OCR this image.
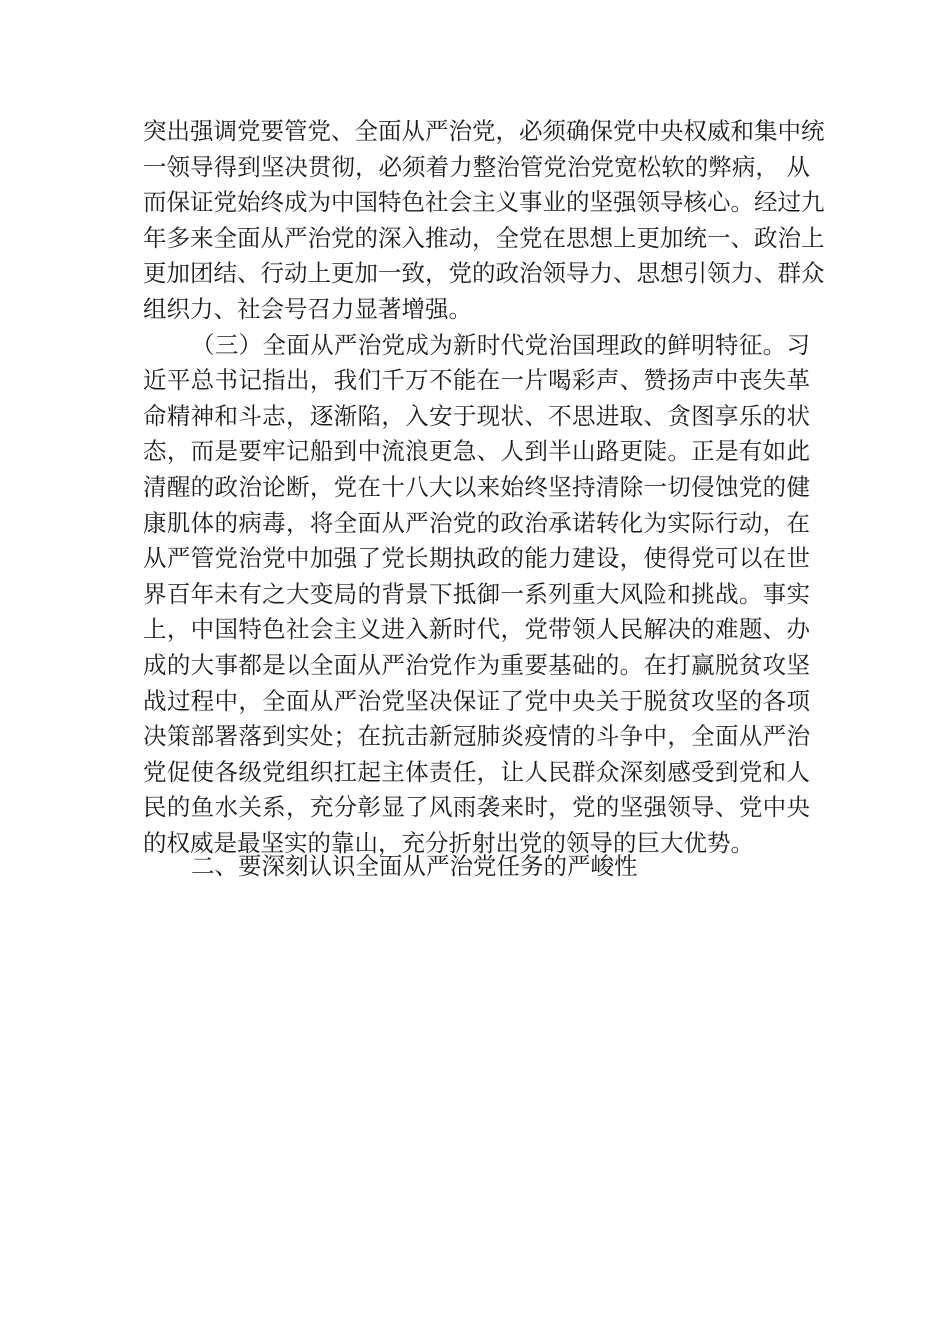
突出强调党要管党、全面从严治党，必须确保党中央权威和集中统
一领导得到坚决贯彻，必须着力整治管党治党宽松软的弊病， 从
而保证党始终成为中国特色社会主义事业的坚强领导核心。经过九
年多来全面从严治党的深入推动，全党在思想上更加统一、政治上
更加团结、行动上更加一致，党的政治领导力、思想引领力、群众
组织力、社会号召力显著增强。
（三）全面从严治党成为新时代党治国理政的鲜明特征。习
近平总书记指出，我们千万不能在一片喝彩声、赞扬声中丧失革
命精神和斗志，逐渐陷，入安于现状、不思进取、贪图享乐的状
态，而是要牢记船到中流浪更急、人到半山路更陡。正是有如此
清醒的政治论断，党在十八大以来始终坚持清除一切侵蚀党的健
康肌体的病毒，将全面从严治党的政治承诺转化为实际行动，在
从严管党治党中加强了党长期执政的能力建设，使得党可以在世
界百年未有之大变局的背景下抵御一系列重大风险和挑战。事实
上，中国特色社会主义进入新时代，党带领人民解决的难题、办
成的大事都是以全面从严治党作为重要基础的。在打赢脱贫攻坚
战过程中，全面从严治党坚决保证了党中央关于脱贫攻坚的各项
决策部署落到实处；在抗击新冠肺炎疫情的斗争中，全面从严治
党促使各级党组织扛起主体责任，让人民群众深刻感受到党和人
民的鱼水关系，充分彰显了风雨袭来时，党的坚强领导、党中央
的权威是最坚实的靠山，充分折射出党的领导的巨大优势。
二、要深刻认识全面从严治党任务的严峻性
